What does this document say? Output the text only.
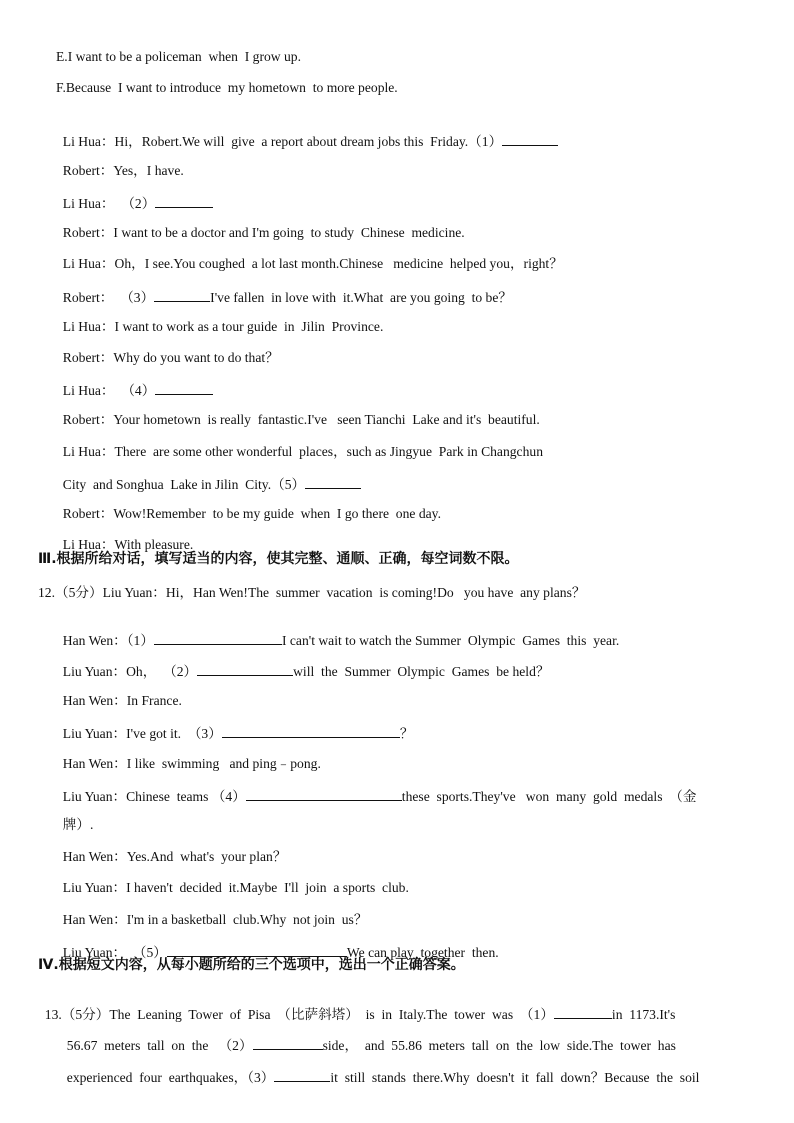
E.I want to be a policeman  when  I grow up.
F.Because  I want to introduce  my hometown  to more people.

Li Hua：Hi，Robert.We will  give  a report about dream jobs this  Friday.（1）

Robert：Yes，I have.

Li Hua：  （2）

Robert：I want to be a doctor and I'm going  to study  Chinese  medicine.

Li Hua：Oh，I see.You coughed  a lot last month.Chinese   medicine  helped you，right？

Robert：  （3）	I've fallen  in love with  it.What  are you going  to be？

Li Hua：I want to work as a tour guide  in  Jilin  Province.

Robert：Why do you want to do that？

Li Hua：  （4）

Robert：Your hometown  is really  fantastic.I've   seen Tianchi  Lake and it's  beautiful.

Li Hua：There  are some other wonderful  places，such as Jingyue  Park in Changchun

City  and Songhua  Lake in Jilin  City.（5）

Robert：Wow!Remember  to be my guide  when  I go there  one day.

Li Hua：With pleasure.

Ⅲ.根据所给对话，填写适当的内容，使其完整、通顺、正确，每空词数不限。
12.（5分）Liu Yuan：Hi，Han Wen!The  summer  vacation  is coming!Do   you have  any plans？

Han Wen：（1）	I can't wait to watch the Summer  Olympic  Games  this  year.

Liu Yuan：Oh，  （2）	will  the  Summer  Olympic  Games  be held？

Han Wen：In France.

Liu Yuan：I've got it.  （3）	？

Han Wen：I like  swimming   and ping﹣pong.

Liu Yuan：Chinese  teams （4）	these  sports.They've   won  many  gold  medals  （金

牌）.

Han Wen：Yes.And  what's  your plan？

Liu Yuan：I haven't  decided  it.Maybe  I'll  join  a sports  club.

Han Wen：I'm in a basketball  club.Why  not join  us？

Liu Yuan：  （5）	We can play  together  then.

Ⅳ.根据短文内容，从每小题所给的三个选项中，选出一个正确答案。

13.（5分）The  Leaning  Tower  of  Pisa  （比萨斜塔）  is  in  Italy.The  tower  was  （1）	in  1173.It's

56.67  meters  tall  on  the   （2）	side，  and  55.86  meters  tall  on  the  low  side.The  tower  has

experienced  four  earthquakes，（3）	it  still  stands  there.Why  doesn't  it  fall  down？Because  the  soil
